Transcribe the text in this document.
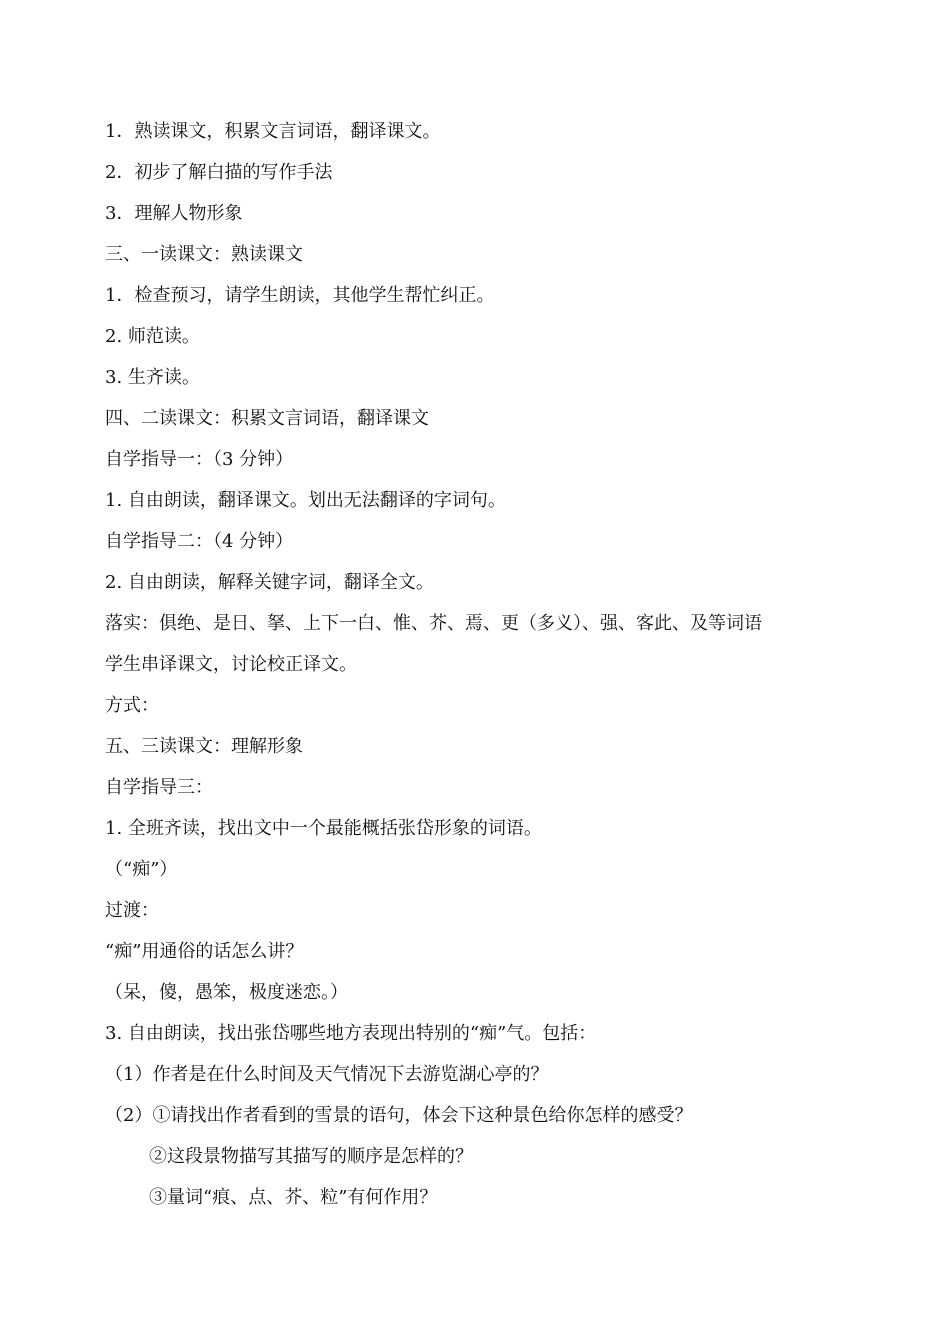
1．熟读课文，积累文言词语，翻译课文。
2．初步了解白描的写作手法
3．理解人物形象
三、一读课文：熟读课文
1．检查预习，请学生朗读，其他学生帮忙纠正。
2. 师范读。
3. 生齐读。
四、二读课文：积累文言词语，翻译课文
自学指导一：（3 分钟）
1. 自由朗读，翻译课文。划出无法翻译的字词句。
自学指导二：（4 分钟）
2. 自由朗读，解释关键字词，翻译全文。
落实：俱绝、是日、拏、上下一白、惟、芥、焉、更（多义）、强、客此、及等词语
学生串译课文，讨论校正译文。
方式：
五、三读课文：理解形象
自学指导三：
1. 全班齐读，找出文中一个最能概括张岱形象的词语。
（“痴”）
过渡：
“痴”用通俗的话怎么讲？
（呆，傻，愚笨，极度迷恋。）
3. 自由朗读，找出张岱哪些地方表现出特别的“痴”气。包括：
（1）作者是在什么时间及天气情况下去游览湖心亭的？
（2）①请找出作者看到的雪景的语句，体会下这种景色给你怎样的感受？
②这段景物描写其描写的顺序是怎样的？
③量词“痕、点、芥、粒”有何作用？
